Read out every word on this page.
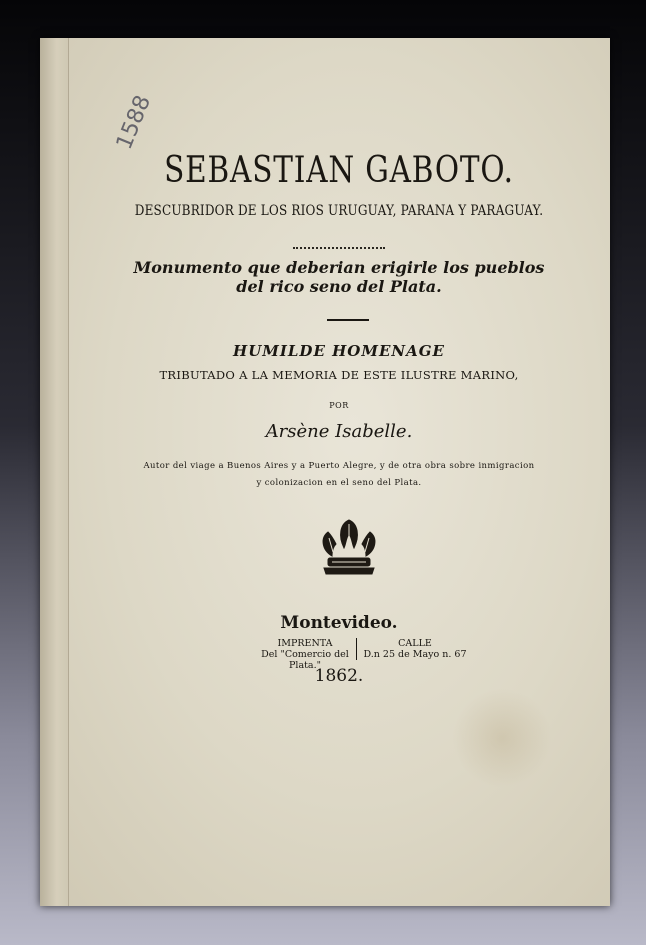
1588
SEBASTIAN GABOTO.
DESCUBRIDOR DE LOS RIOS URUGUAY, PARANA Y PARAGUAY.
Monumento que deberian erigirle los pueblos
del rico seno del Plata.
HUMILDE HOMENAGE
TRIBUTADO A LA MEMORIA DE ESTE ILUSTRE MARINO,
POR
Arsène Isabelle.
Autor del viage a Buenos Aires y a Puerto Alegre, y de otra obra sobre inmigracion
y colonizacion en el seno del Plata.
Montevideo.
IMPRENTA
Del "Comercio del Plata."
CALLE
D.n 25 de Mayo n. 67
1862.
